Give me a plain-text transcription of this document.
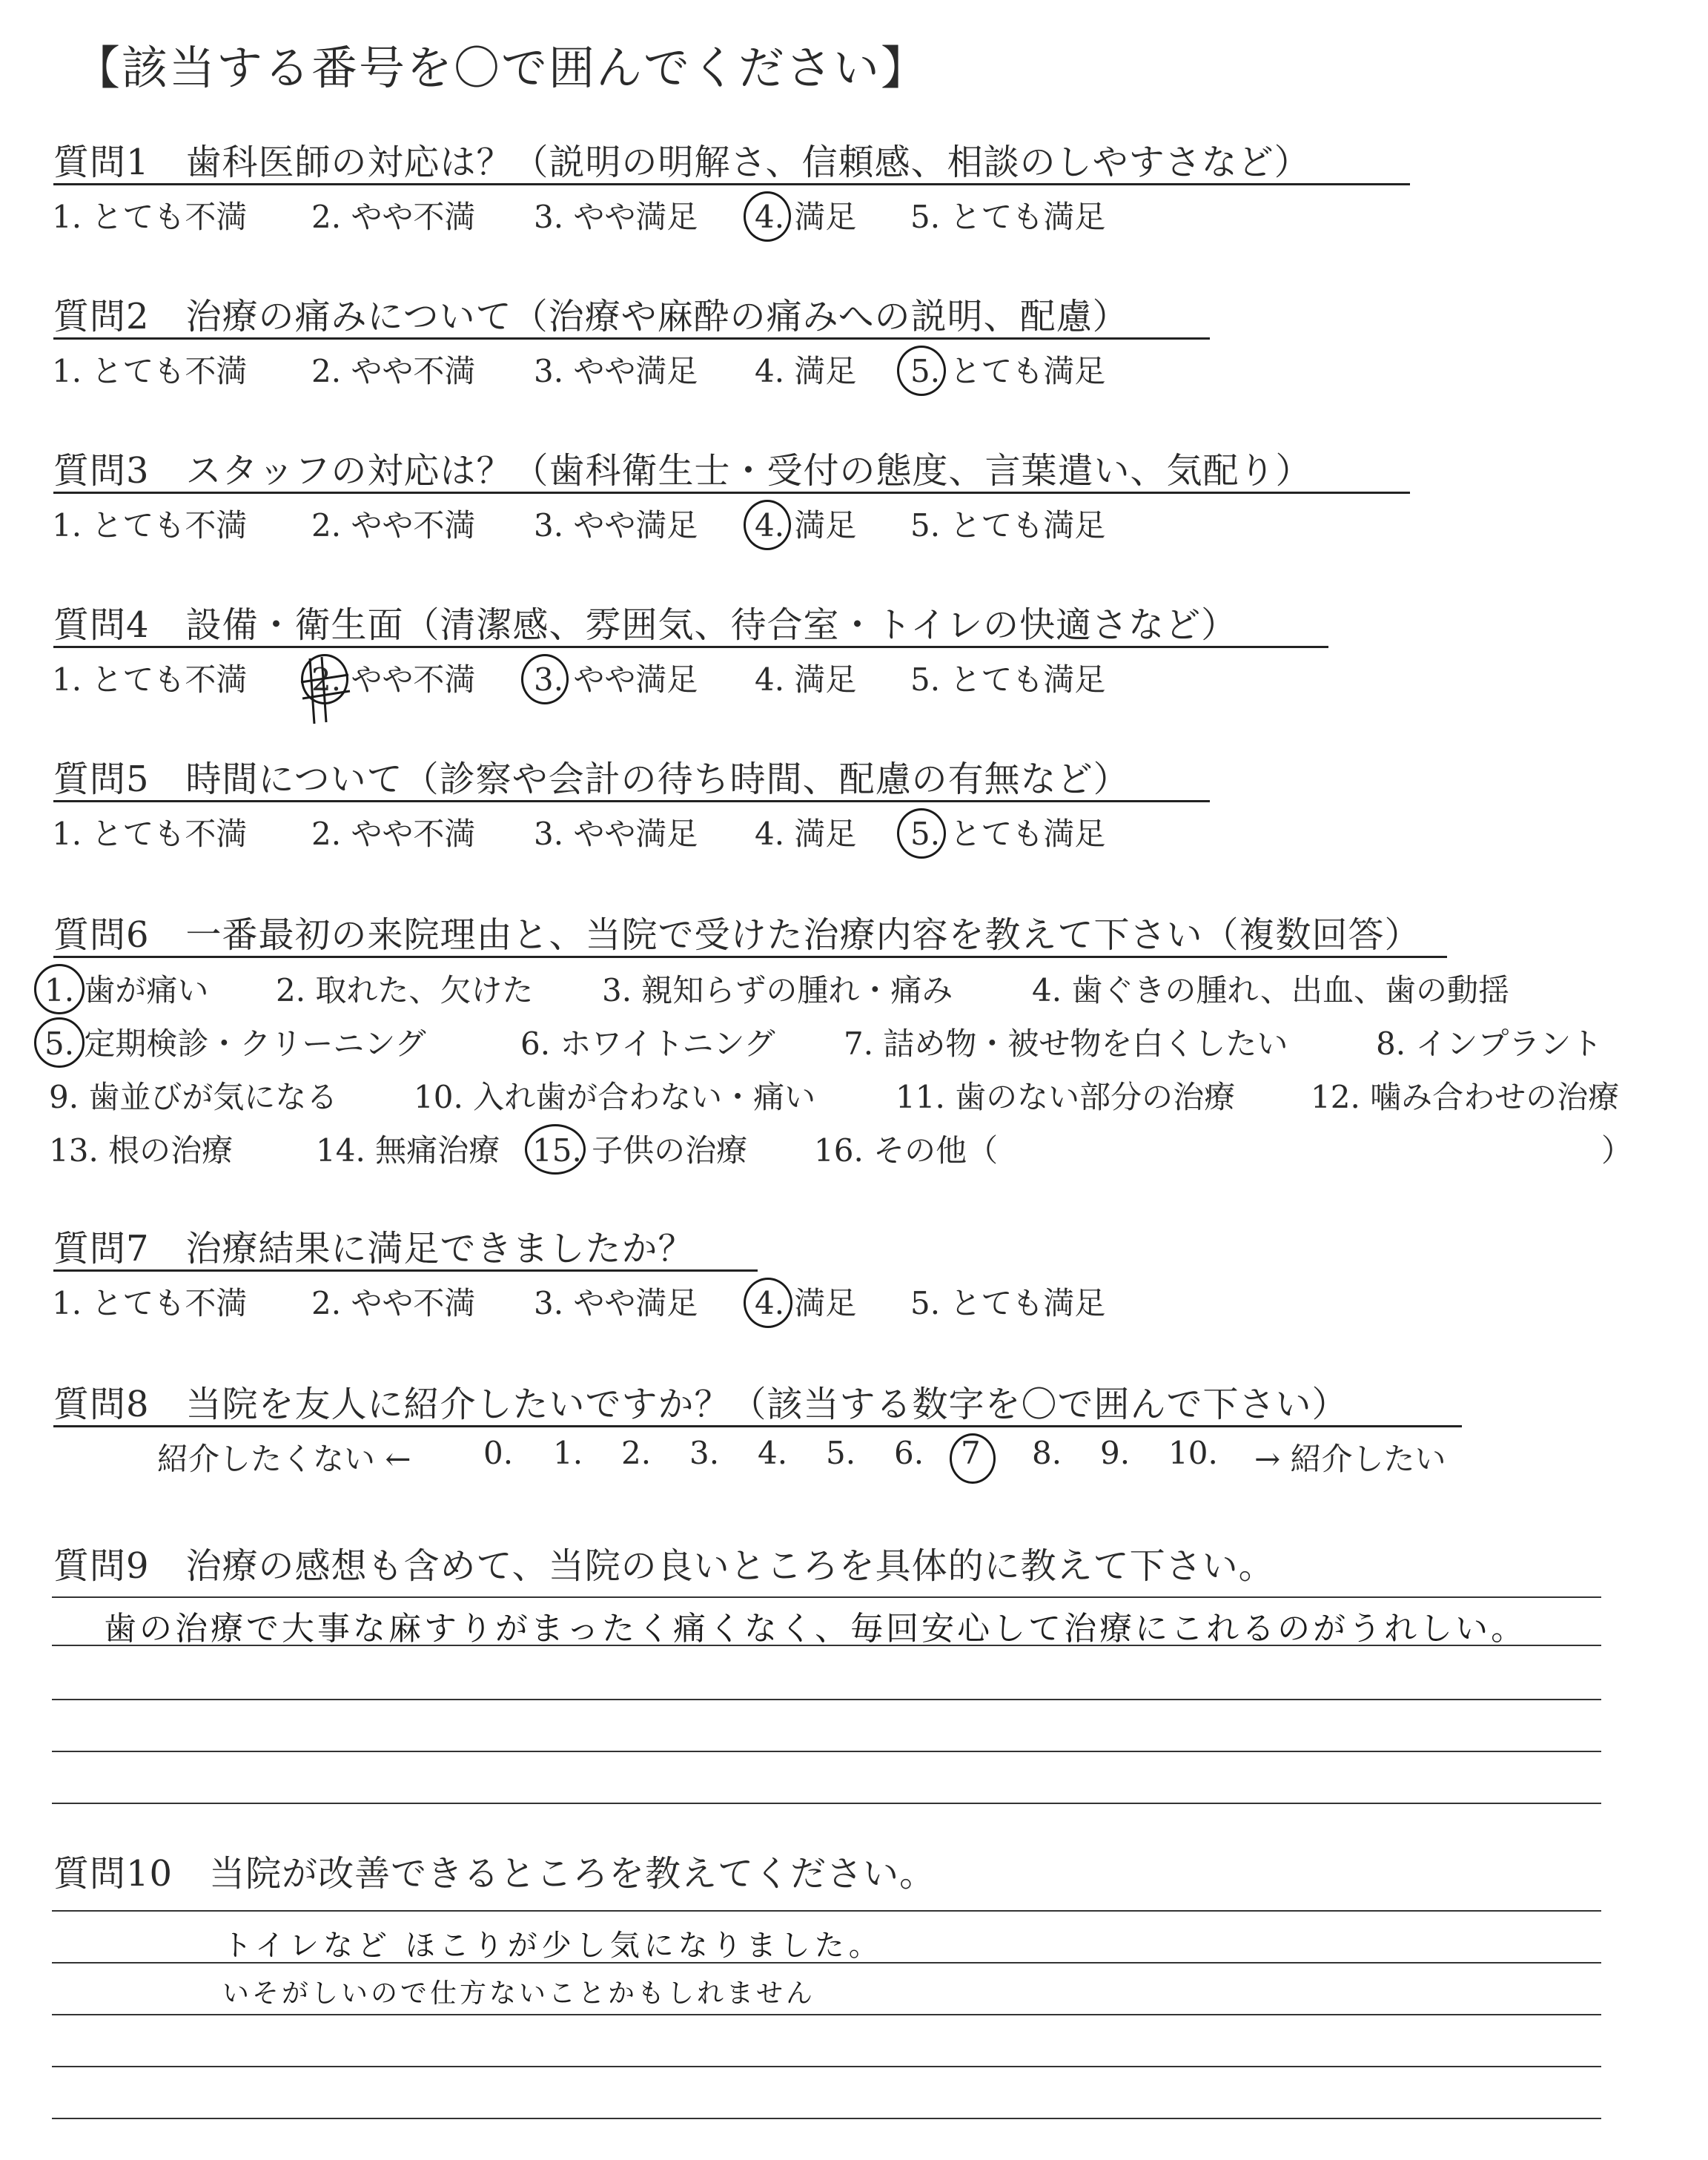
【該当する番号を〇で囲んでください】
質問1　歯科医師の対応は？（説明の明解さ、信頼感、相談のしやすさなど）
1. とても不満 2. やや不満 3. やや満足 4. 満足 5. とても満足
質問2　治療の痛みについて（治療や麻酔の痛みへの説明、配慮）
1. とても不満 2. やや不満 3. やや満足 4. 満足 5. とても満足
質問3　スタッフの対応は？（歯科衛生士・受付の態度、言葉遣い、気配り）
1. とても不満 2. やや不満 3. やや満足 4. 満足 5. とても満足
質問4　設備・衛生面（清潔感、雰囲気、待合室・トイレの快適さなど）
1. とても不満 2. やや不満 3. やや満足 4. 満足 5. とても満足
質問5　時間について（診察や会計の待ち時間、配慮の有無など）
1. とても不満 2. やや不満 3. やや満足 4. 満足 5. とても満足
質問6　一番最初の来院理由と、当院で受けた治療内容を教えて下さい（複数回答）
1. 歯が痛い 2. 取れた、欠けた 3. 親知らずの腫れ・痛み	4. 歯ぐきの腫れ、出血、歯の動揺
5. 定期検診・クリーニング	6. ホワイトニング 7. 詰め物・被せ物を白くしたい	8. インプラント
9. 歯並びが気になる 10. 入れ歯が合わない・痛い	11. 歯のない部分の治療 12. 噛み合わせの治療
13. 根の治療	14. 無痛治療 15. 子供の治療 16. その他（	）
質問7　治療結果に満足できましたか？
1. とても不満 2. やや不満 3. やや満足 4. 満足 5. とても満足
質問8　当院を友人に紹介したいですか？（該当する数字を〇で囲んで下さい）
紹介したくない ← 0. 1. 2. 3. 4. 5. 6. 7 8. 9. 10. → 紹介したい
質問9　治療の感想も含めて、当院の良いところを具体的に教えて下さい。
歯の治療で大事な麻すりがまったく痛くなく、毎回安心して治療にこれるのがうれしい。
質問10　当院が改善できるところを教えてください。
トイレなど ほこりが少し気になりました。
いそがしいので仕方ないことかもしれません
